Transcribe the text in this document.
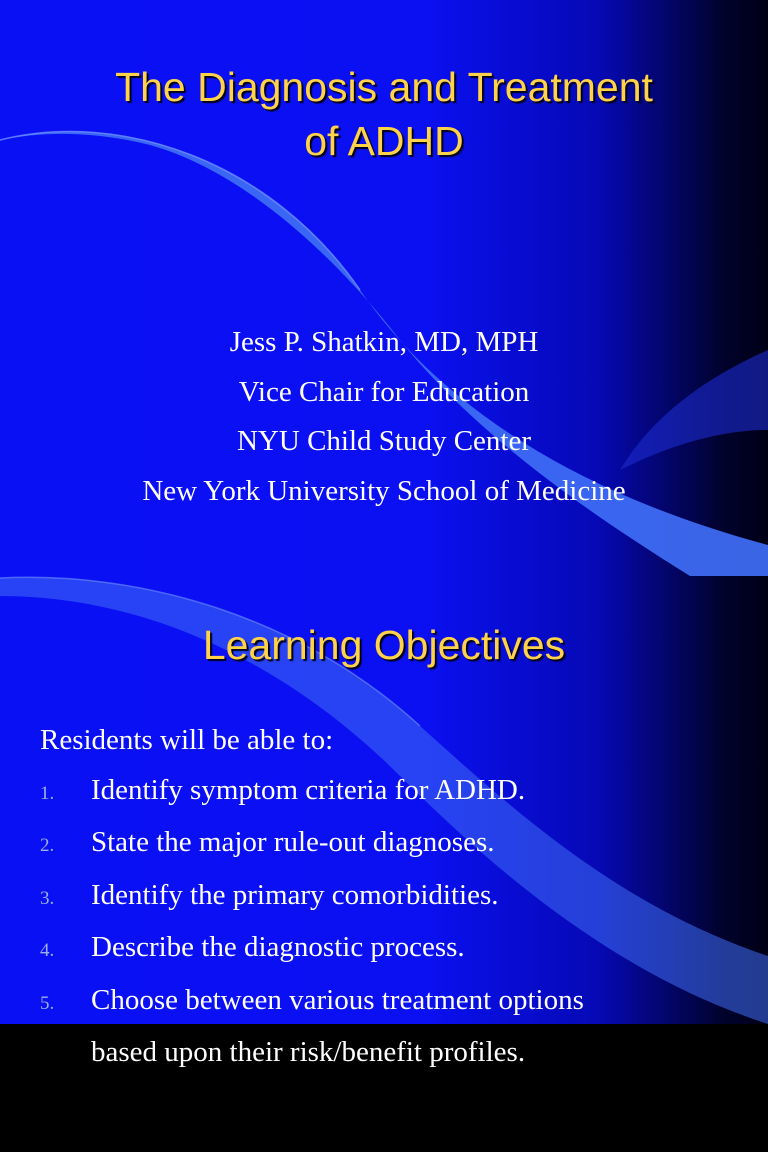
The Diagnosis and Treatment
of ADHD
Jess P. Shatkin, MD, MPH
Vice Chair for Education
NYU Child Study Center
New York University School of Medicine
Learning Objectives
Residents will be able to:
1.	Identify symptom criteria for ADHD.
2.	State the major rule-out diagnoses.
3.	Identify the primary comorbidities.
4.	Describe the diagnostic process.
5.	Choose between various treatment options
based upon their risk/benefit profiles.
